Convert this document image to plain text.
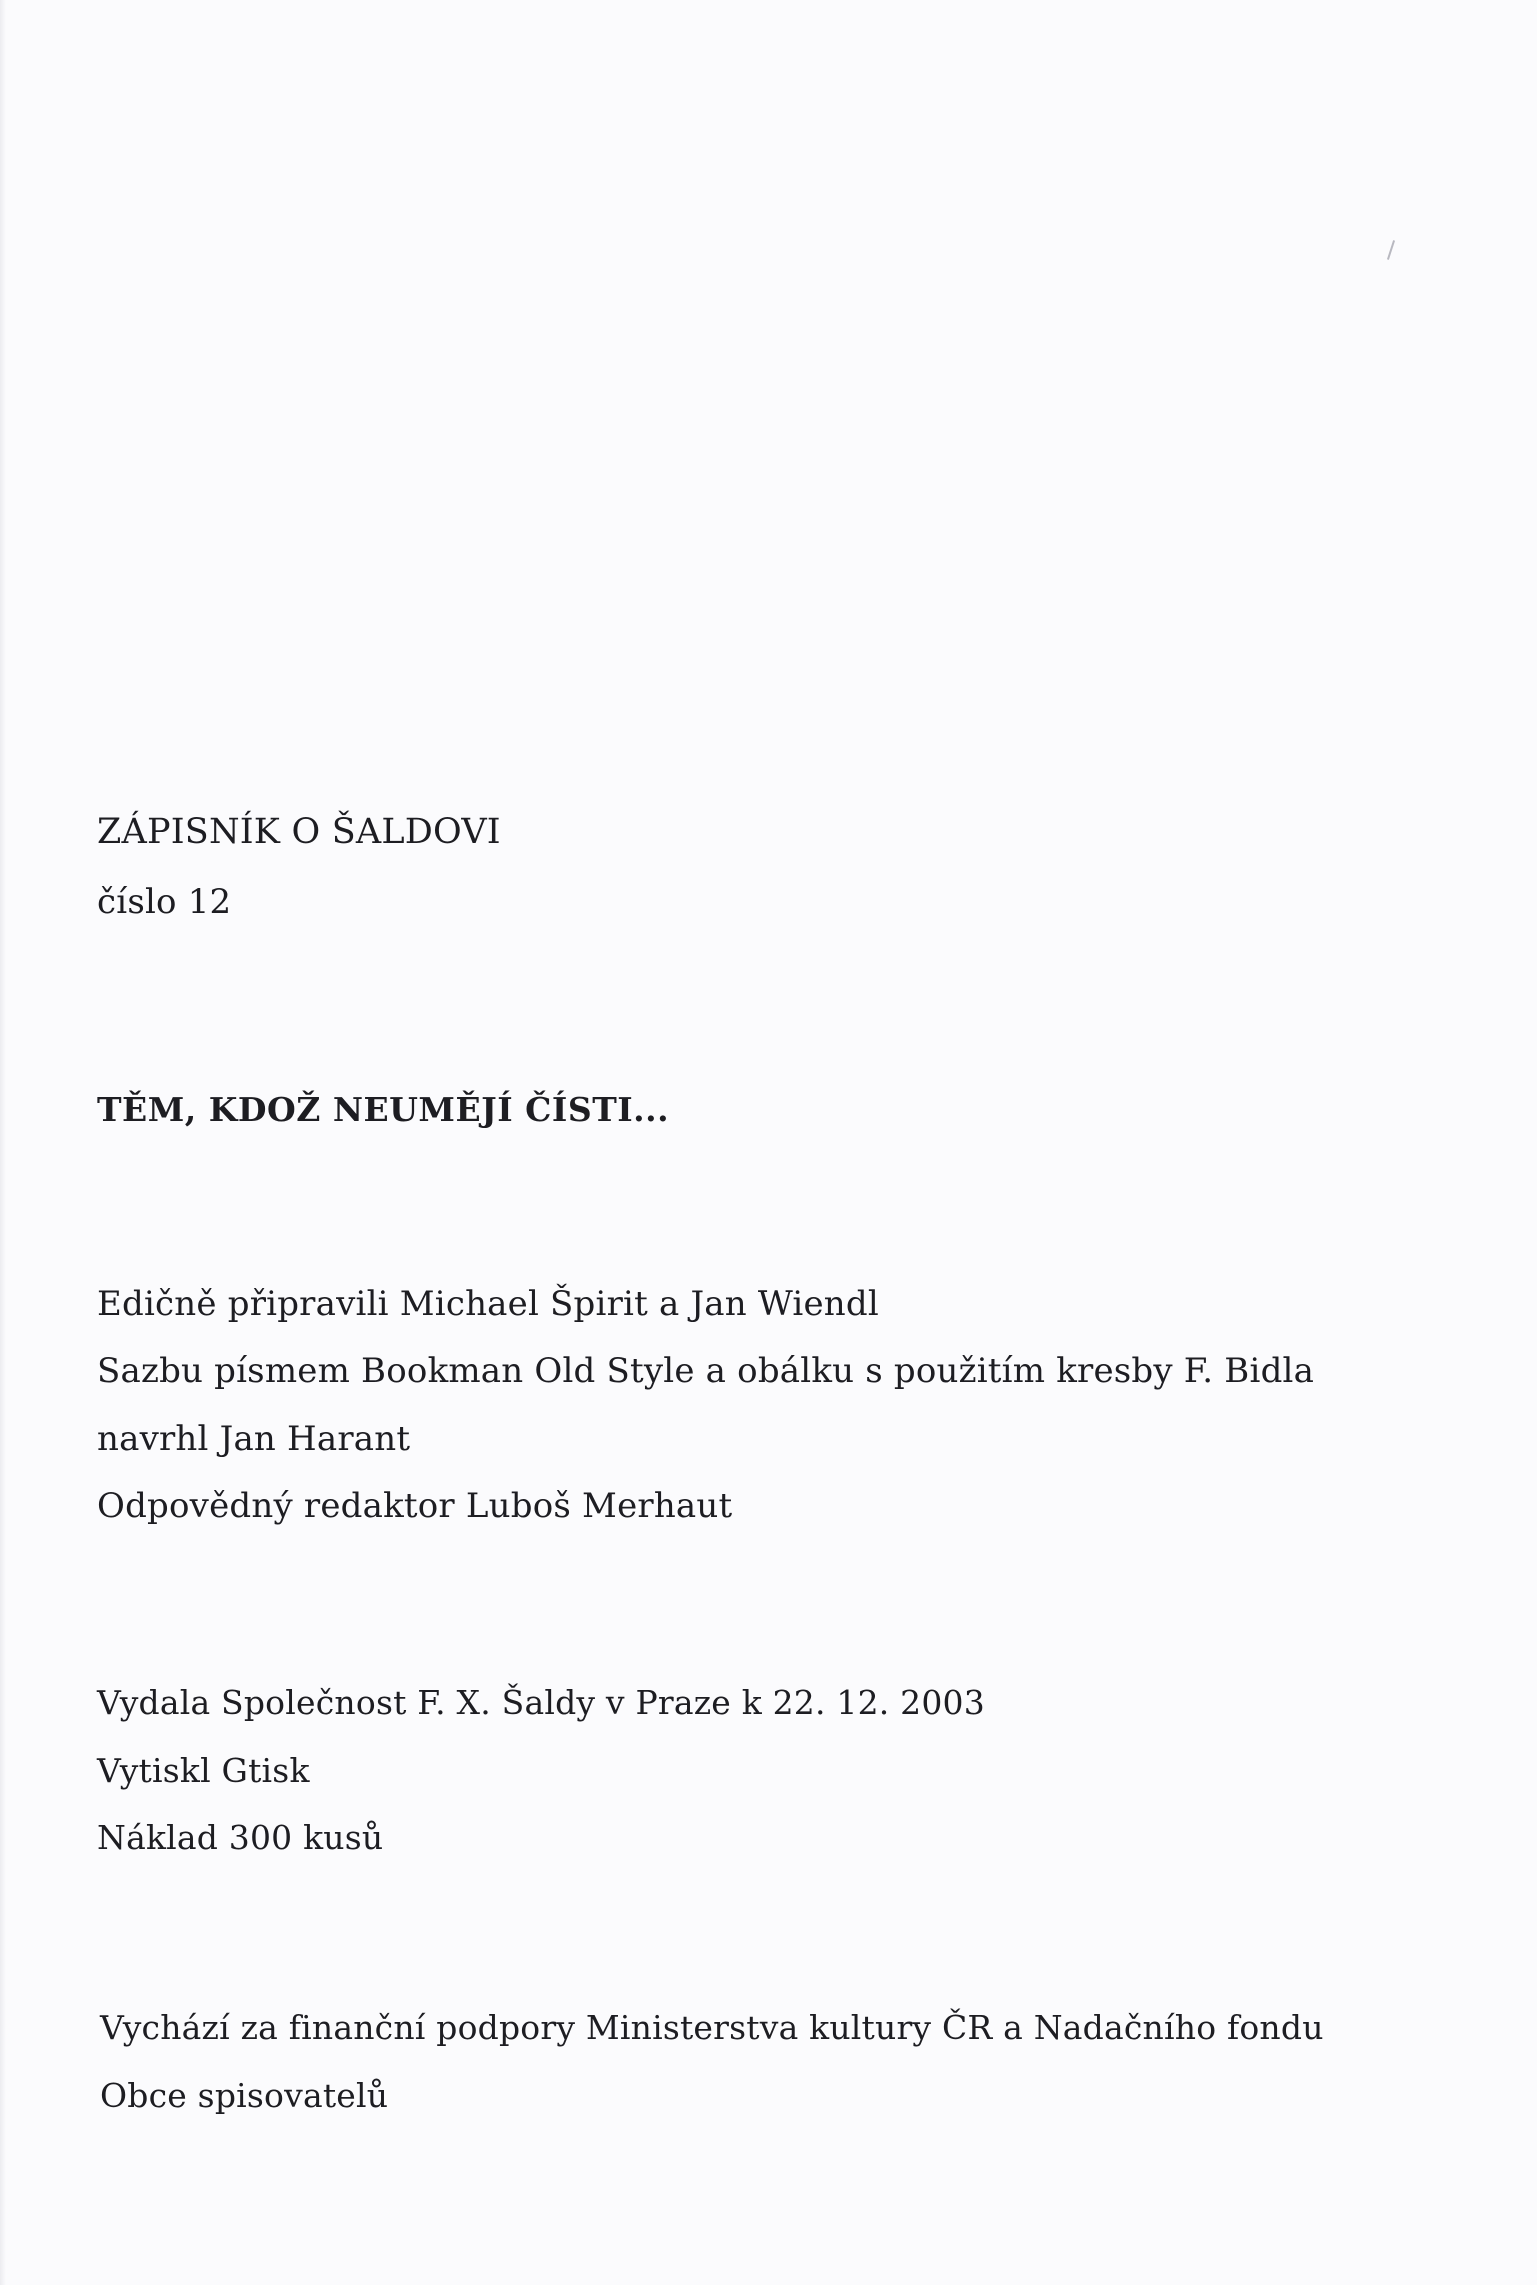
ZÁPISNÍK O ŠALDOVI
číslo 12
TĚM, KDOŽ NEUMĚJÍ ČÍSTI...
Edičně připravili Michael Špirit a Jan Wiendl
Sazbu písmem Bookman Old Style a obálku s použitím kresby F. Bidla
navrhl Jan Harant
Odpovědný redaktor Luboš Merhaut
Vydala Společnost F. X. Šaldy v Praze k 22. 12. 2003
Vytiskl Gtisk
Náklad 300 kusů
Vychází za finanční podpory Ministerstva kultury ČR a Nadačního fondu
Obce spisovatelů
